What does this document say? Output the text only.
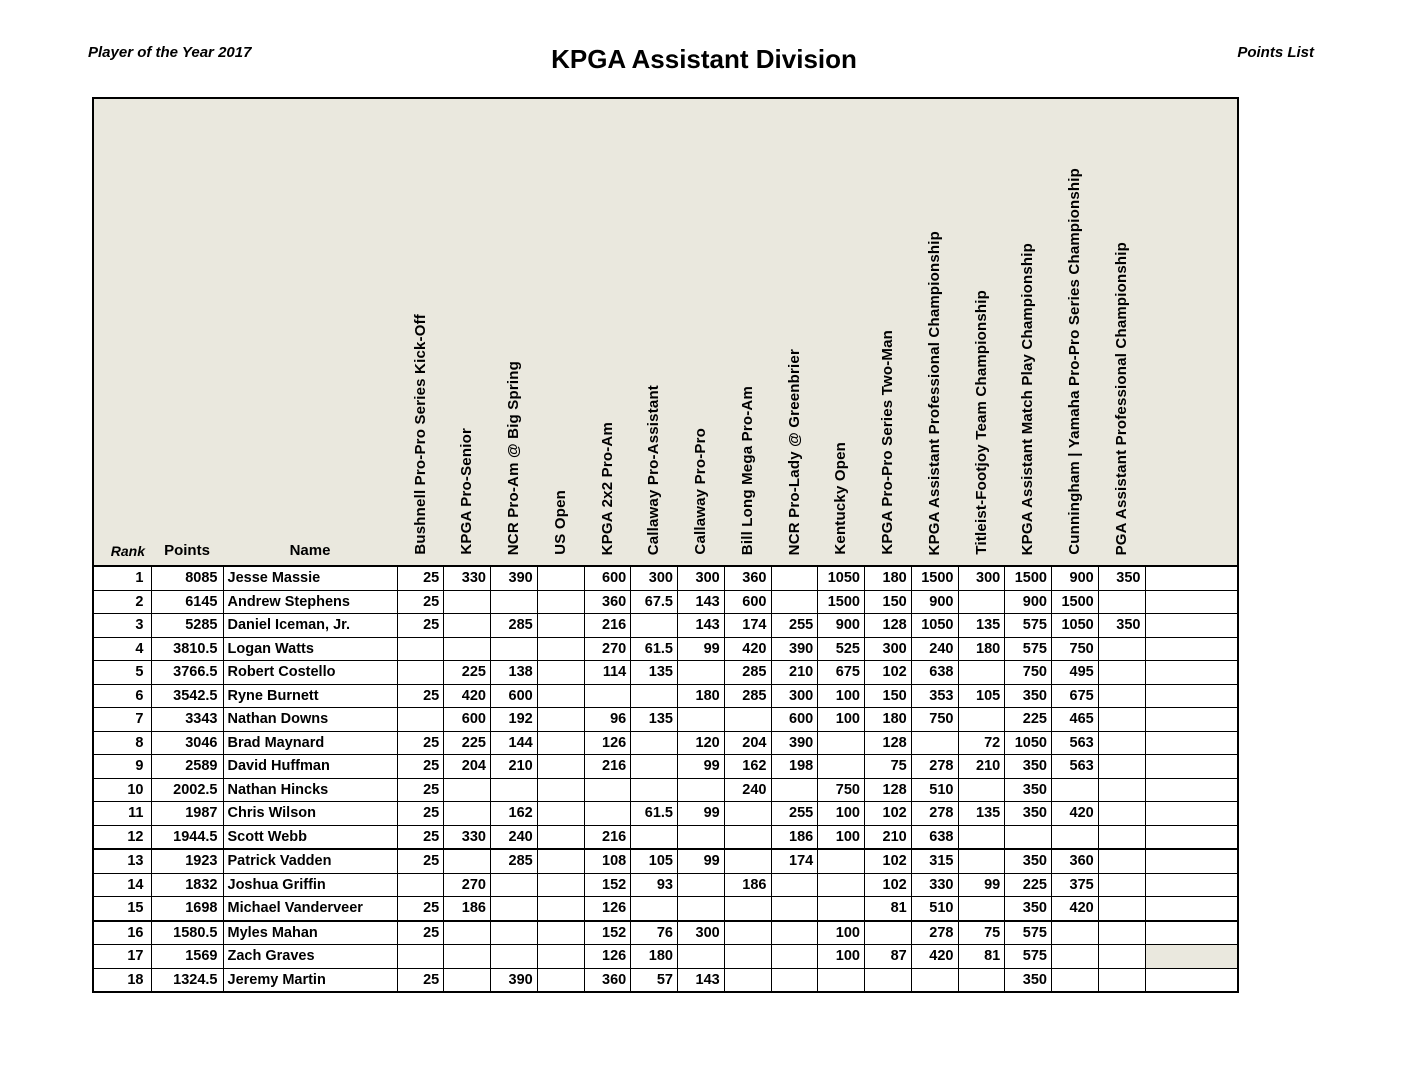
Player of the Year 2017	KPGA Assistant Division	Points List
Rank	Points	Name	Bushnell Pro-Pro Series Kick-Off	KPGA Pro-Senior	NCR Pro-Am @ Big Spring	US Open	KPGA 2x2 Pro-Am	Callaway Pro-Assistant	Callaway Pro-Pro	Bill Long Mega Pro-Am	NCR Pro-Lady @ Greenbrier	Kentucky Open	KPGA Pro-Pro Series Two-Man	KPGA Assistant Professional Championship	Titleist-Footjoy Team Championship	KPGA Assistant Match Play Championship	Cunningham | Yamaha Pro-Pro Series Championship	PGA Assistant Professional Championship	
1	8085	Jesse Massie	25	330	390		600	300	300	360		1050	180	1500	300	1500	900	350	
2	6145	Andrew Stephens	25				360	67.5	143	600		1500	150	900		900	1500		
3	5285	Daniel Iceman, Jr.	25		285		216		143	174	255	900	128	1050	135	575	1050	350	
4	3810.5	Logan Watts					270	61.5	99	420	390	525	300	240	180	575	750		
5	3766.5	Robert Costello		225	138		114	135		285	210	675	102	638		750	495		
6	3542.5	Ryne Burnett	25	420	600				180	285	300	100	150	353	105	350	675		
7	3343	Nathan Downs		600	192		96	135			600	100	180	750		225	465		
8	3046	Brad Maynard	25	225	144		126		120	204	390		128		72	1050	563		
9	2589	David Huffman	25	204	210		216		99	162	198		75	278	210	350	563		
10	2002.5	Nathan Hincks	25							240		750	128	510		350			
11	1987	Chris Wilson	25		162			61.5	99		255	100	102	278	135	350	420		
12	1944.5	Scott Webb	25	330	240		216				186	100	210	638					
13	1923	Patrick Vadden	25		285		108	105	99		174		102	315		350	360		
14	1832	Joshua Griffin		270			152	93		186			102	330	99	225	375		
15	1698	Michael Vanderveer	25	186			126						81	510		350	420		
16	1580.5	Myles Mahan	25				152	76	300			100		278	75	575			
17	1569	Zach Graves					126	180				100	87	420	81	575			

18	1324.5	Jeremy Martin	25		390		360	57	143							350			
